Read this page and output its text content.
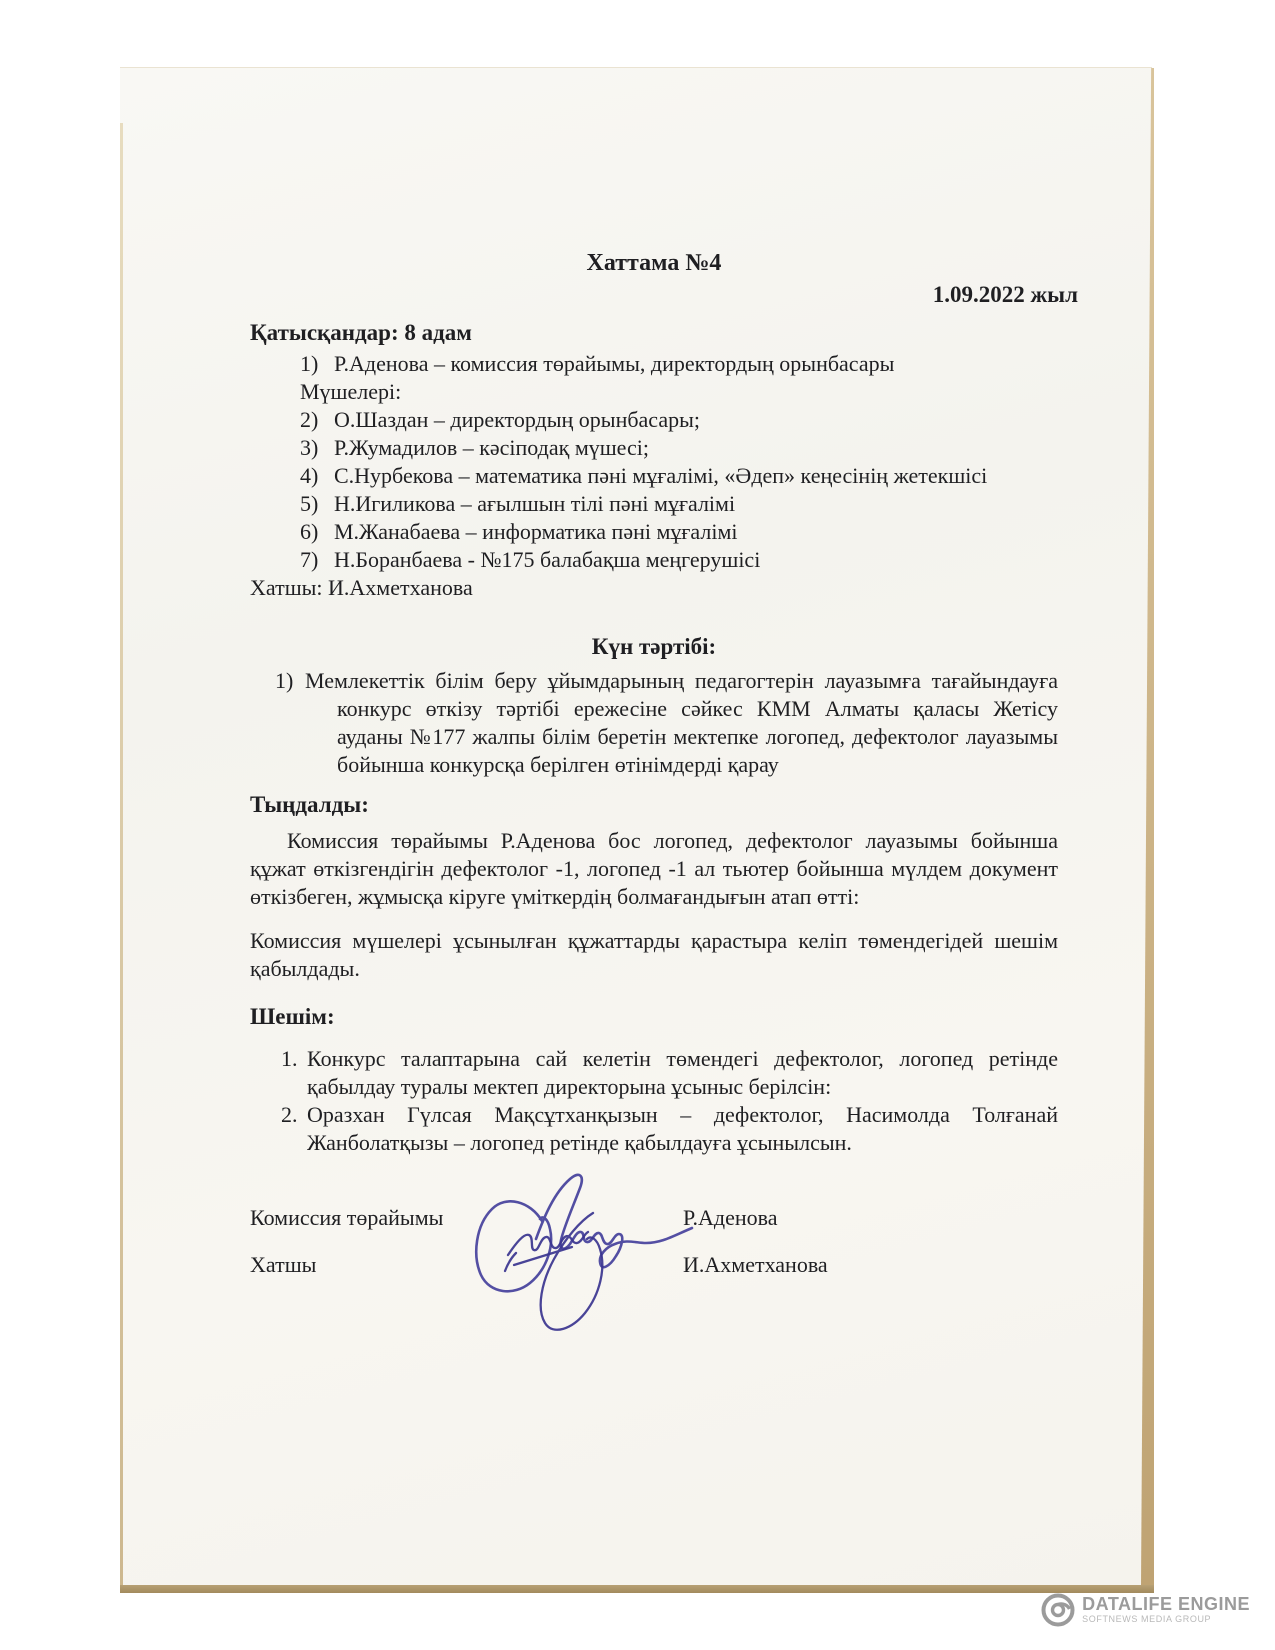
Хаттама №4
1.09.2022 жыл
Қатысқандар: 8 адам
1) Р.Аденова – комиссия төрайымы, директордың орынбасары
Мүшелері:
2) О.Шаздан – директордың орынбасары;
3) Р.Жумадилов – кәсіподақ мүшесі;
4) С.Нурбекова – математика пәні мұғалімі, «Әдеп» кеңесінің жетекшісі
5) Н.Игиликова – ағылшын тілі пәні мұғалімі
6) М.Жанабаева – информатика пәні мұғалімі
7) Н.Боранбаева - №175 балабақша меңгерушісі
Хатшы: И.Ахметханова
Күн тәртібі:
1) Мемлекеттік білім беру ұйымдарының педагогтерін лауазымға тағайындауға конкурс өткізу тәртібі ережесіне сәйкес КММ Алматы қаласы Жетісу ауданы №177 жалпы білім беретін мектепке логопед, дефектолог лауазымы бойынша конкурсқа берілген өтінімдерді қарау
Тыңдалды:
Комиссия төрайымы Р.Аденова бос логопед, дефектолог лауазымы бойынша құжат өткізгендігін дефектолог -1, логопед -1 ал тьютер бойынша мүлдем документ өткізбеген, жұмысқа кіруге үміткердің болмағандығын атап өтті:
Комиссия мүшелері ұсынылған құжаттарды қарастыра келіп төмендегідей шешім қабылдады.
Шешім:
1. Конкурс талаптарына сай келетін төмендегі дефектолог, логопед ретінде қабылдау туралы мектеп директорына ұсыныс берілсін:
2. Оразхан Гүлсая Мақсұтханқызын – дефектолог, Насимолда Толғанай Жанболатқызы – логопед ретінде қабылдауға ұсынылсын.
Комиссия төрайымы	Р.Аденова
Хатшы	И.Ахметханова
DATALIFE ENGINE
SOFTNEWS MEDIA GROUP
